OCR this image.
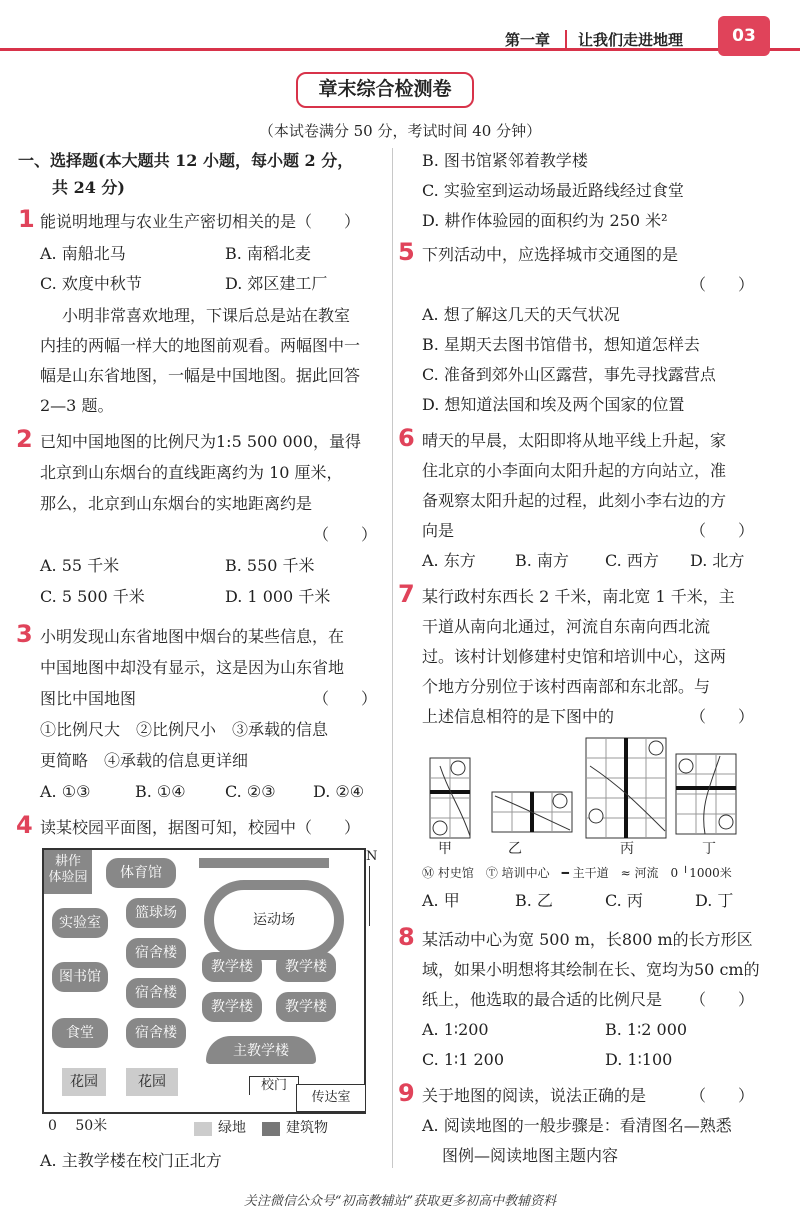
第一章 让我们走进地理	03
章末综合检测卷
（本试卷满分 50 分，考试时间 40 分钟）
一、选择题(本大题共 12 小题，每小题 2 分，
共 24 分)
1 能说明地理与农业生产密切相关的是（　　）
A. 南船北马	B. 南稻北麦
C. 欢度中秋节	D. 郊区建工厂
小明非常喜欢地理，下课后总是站在教室
内挂的两幅一样大的地图前观看。两幅图中一
幅是山东省地图，一幅是中国地图。据此回答
2—3 题。
2 已知中国地图的比例尺为1:5 500 000，量得
北京到山东烟台的直线距离约为 10 厘米，
那么，北京到山东烟台的实地距离约是
（　　）
A. 55 千米	B. 550 千米
C. 5 500 千米	D. 1 000 千米
3 小明发现山东省地图中烟台的某些信息，在
中国地图中却没有显示，这是因为山东省地
图比中国地图	（　　）
①比例尺大　②比例尺小　③承载的信息
更简略　④承载的信息更详细
A. ①③	B. ①④ C. ②③ D. ②④
4 读某校园平面图，据图可知，校园中（　　）
耕作
体验园	体育馆
运动场
实验室
篮球场
宿舍楼
教学楼	教学楼
图书馆
宿舍楼
教学楼	教学楼
食堂	宿舍楼
主教学楼
花园	花园	校门
传达室
N
0　 50米	绿地	建筑物
A. 主教学楼在校门正北方
B. 图书馆紧邻着教学楼
C. 实验室到运动场最近路线经过食堂
D. 耕作体验园的面积约为 250 米²
5 下列活动中，应选择城市交通图的是
（　　）
A. 想了解这几天的天气状况
B. 星期天去图书馆借书，想知道怎样去
C. 准备到郊外山区露营，事先寻找露营点
D. 想知道法国和埃及两个国家的位置
6 晴天的早晨，太阳即将从地平线上升起，家
住北京的小李面向太阳升起的方向站立，准
备观察太阳升起的过程，此刻小李右边的方
向是	（　　）
A. 东方 B. 南方 C. 西方 D. 北方
7 某行政村东西长 2 千米，南北宽 1 千米，主
干道从南向北通过，河流自东南向西北流
过。该村计划修建村史馆和培训中心，这两
个地方分别位于该村西南部和东北部。与
上述信息相符的是下图中的	（　　）
甲	乙	丙	丁
Ⓜ 村史馆　Ⓣ 培训中心　━ 主干道　≈ 河流　0 ╵1000米
A. 甲	B. 乙	C. 丙	D. 丁
8 某活动中心为宽 500 m，长800 m的长方形区
域，如果小明想将其绘制在长、宽均为50 cm的
纸上，他选取的最合适的比例尺是 （　　）
A. 1∶200	B. 1∶2 000
C. 1∶1 200	D. 1∶100
9 关于地图的阅读，说法正确的是	（　　）
A. 阅读地图的一般步骤是：看清图名—熟悉
图例—阅读地图主题内容
关注微信公众号“初高教辅站”获取更多初高中教辅资料
